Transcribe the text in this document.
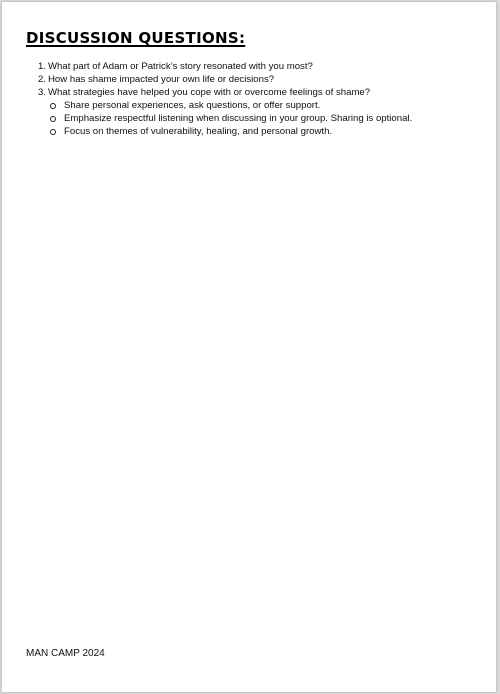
DISCUSSION QUESTIONS:
1. What part of Adam or Patrick’s story resonated with you most?
2. How has shame impacted your own life or decisions?
3. What strategies have helped you cope with or overcome feelings of shame?
Share personal experiences, ask questions, or offer support.
Emphasize respectful listening when discussing in your group. Sharing is optional.
Focus on themes of vulnerability, healing, and personal growth.
MAN CAMP 2024
